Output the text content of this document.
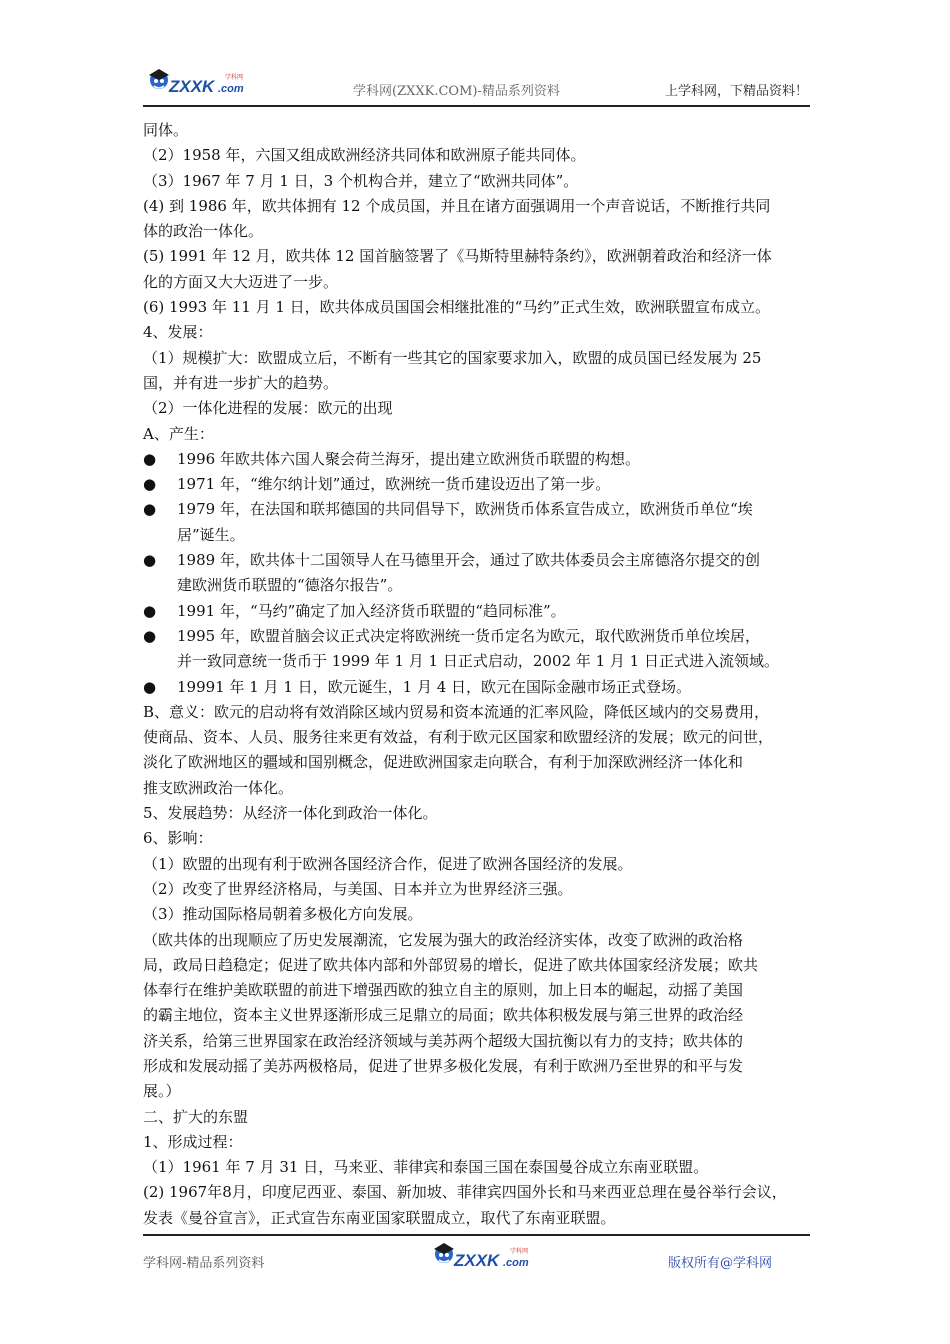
ZXXK .com
学科网
学科网(ZXXK.COM)-精品系列资料	上学科网，下精品资料！
同体。
（2）1958 年，六国又组成欧洲经济共同体和欧洲原子能共同体。
（3）1967 年 7 月 1 日，3 个机构合并，建立了“欧洲共同体”。
(4) 到 1986 年，欧共体拥有 12 个成员国，并且在诸方面强调用一个声音说话，不断推行共同
体的政治一体化。
(5) 1991 年 12 月，欧共体 12 国首脑签署了《马斯特里赫特条约》，欧洲朝着政治和经济一体
化的方面又大大迈进了一步。
(6) 1993 年 11 月 1 日，欧共体成员国国会相继批准的“马约”正式生效，欧洲联盟宣布成立。
4、发展：
（1）规模扩大：欧盟成立后，不断有一些其它的国家要求加入，欧盟的成员国已经发展为 25
国，并有进一步扩大的趋势。
（2）一体化进程的发展：欧元的出现
A、产生：
●	1996 年欧共体六国人聚会荷兰海牙，提出建立欧洲货币联盟的构想。
●	1971 年，“维尔纳计划”通过，欧洲统一货币建设迈出了第一步。
●	1979 年，在法国和联邦德国的共同倡导下，欧洲货币体系宣告成立，欧洲货币单位“埃
居”诞生。
●	1989 年，欧共体十二国领导人在马德里开会，通过了欧共体委员会主席德洛尔提交的创
建欧洲货币联盟的“德洛尔报告”。
●	1991 年，“马约”确定了加入经济货币联盟的“趋同标准”。
●	1995 年，欧盟首脑会议正式决定将欧洲统一货币定名为欧元，取代欧洲货币单位埃居，
并一致同意统一货币于 1999 年 1 月 1 日正式启动，2002 年 1 月 1 日正式进入流领域。
●	19991 年 1 月 1 日，欧元诞生，1 月 4 日，欧元在国际金融市场正式登场。
B、意义：欧元的启动将有效消除区域内贸易和资本流通的汇率风险，降低区域内的交易费用，
使商品、资本、人员、服务往来更有效益，有利于欧元区国家和欧盟经济的发展；欧元的问世，
淡化了欧洲地区的疆域和国别概念，促进欧洲国家走向联合，有利于加深欧洲经济一体化和
推支欧洲政治一体化。
5、发展趋势：从经济一体化到政治一体化。
6、影响：
（1）欧盟的出现有利于欧洲各国经济合作，促进了欧洲各国经济的发展。
（2）改变了世界经济格局，与美国、日本并立为世界经济三强。
（3）推动国际格局朝着多极化方向发展。
（欧共体的出现顺应了历史发展潮流，它发展为强大的政治经济实体，改变了欧洲的政治格
局，政局日趋稳定；促进了欧共体内部和外部贸易的增长，促进了欧共体国家经济发展；欧共
体奉行在维护美欧联盟的前进下增强西欧的独立自主的原则，加上日本的崛起，动摇了美国
的霸主地位，资本主义世界逐渐形成三足鼎立的局面；欧共体积极发展与第三世界的政治经
济关系，给第三世界国家在政治经济领域与美苏两个超级大国抗衡以有力的支持；欧共体的
形成和发展动摇了美苏两极格局，促进了世界多极化发展，有利于欧洲乃至世界的和平与发
展。）
二、扩大的东盟
1、形成过程：
（1）1961 年 7 月 31 日，马来亚、菲律宾和泰国三国在泰国曼谷成立东南亚联盟。
(2) 1967年8月，印度尼西亚、泰国、新加坡、菲律宾四国外长和马来西亚总理在曼谷举行会议，
发表《曼谷宣言》，正式宣告东南亚国家联盟成立，取代了东南亚联盟。
学科网-精品系列资料	ZXXK .com
学科网
版权所有@学科网
